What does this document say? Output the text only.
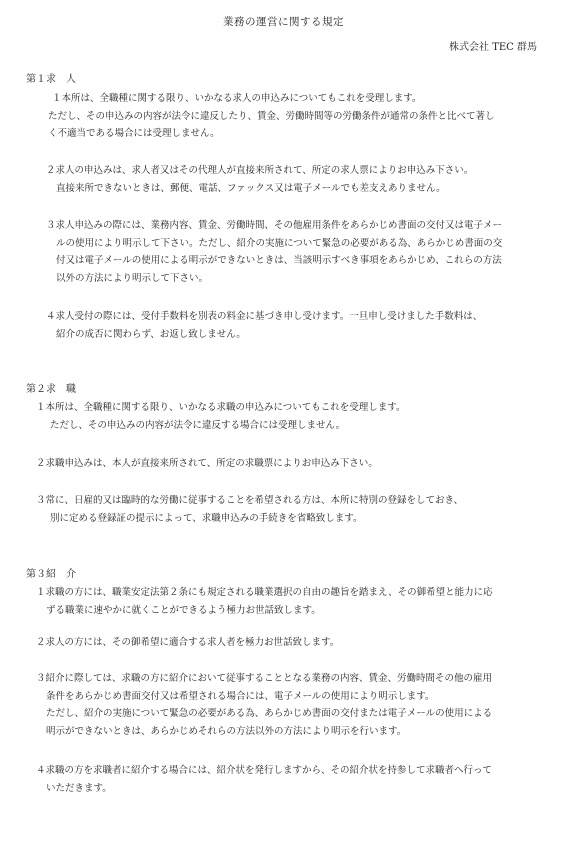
業務の運営に関する規定
株式会社 TEC 群馬
第１求　人
１本所は、全職種に関する限り、いかなる求人の申込みについてもこれを受理します。
ただし、その申込みの内容が法令に違反したり、賃金、労働時間等の労働条件が通常の条件と比べて著し
く不適当である場合には受理しません。
２求人の申込みは、求人者又はその代理人が直接来所されて、所定の求人票によりお申込み下さい。
直接来所できないときは、郵便、電話、ファックス又は電子メールでも差支えありません。
３求人申込みの際には、業務内容、賃金、労働時間、その他雇用条件をあらかじめ書面の交付又は電子メー
ルの使用により明示して下さい。ただし、紹介の実施について緊急の必要がある為、あらかじめ書面の交
付又は電子メールの使用による明示ができないときは、当該明示すべき事項をあらかじめ、これらの方法
以外の方法により明示して下さい。
４求人受付の際には、受付手数料を別表の料金に基づき申し受けます。一旦申し受けました手数料は、
紹介の成否に関わらず、お返し致しません。
第２求　職
１本所は、全職種に関する限り、いかなる求職の申込みについてもこれを受理します。
ただし、その申込みの内容が法令に違反する場合には受理しません。
２求職申込みは、本人が直接来所されて、所定の求職票によりお申込み下さい。
３常に、日雇的又は臨時的な労働に従事することを希望される方は、本所に特別の登録をしておき、
別に定める登録証の提示によって、求職申込みの手続きを省略致します。
第３紹　介
１求職の方には、職業安定法第２条にも規定される職業選択の自由の趣旨を踏まえ、その御希望と能力に応
ずる職業に速やかに就くことができるよう極力お世話致します。
２求人の方には、その御希望に適合する求人者を極力お世話致します。
３紹介に際しては、求職の方に紹介において従事することとなる業務の内容、賃金、労働時間その他の雇用
条件をあらかじめ書面交付又は希望される場合には、電子メールの使用により明示します。
ただし、紹介の実施について緊急の必要がある為、あらかじめ書面の交付または電子メールの使用による
明示ができないときは、あらかじめそれらの方法以外の方法により明示を行います。
４求職の方を求職者に紹介する場合には、紹介状を発行しますから、その紹介状を持参して求職者へ行って
いただきます。
